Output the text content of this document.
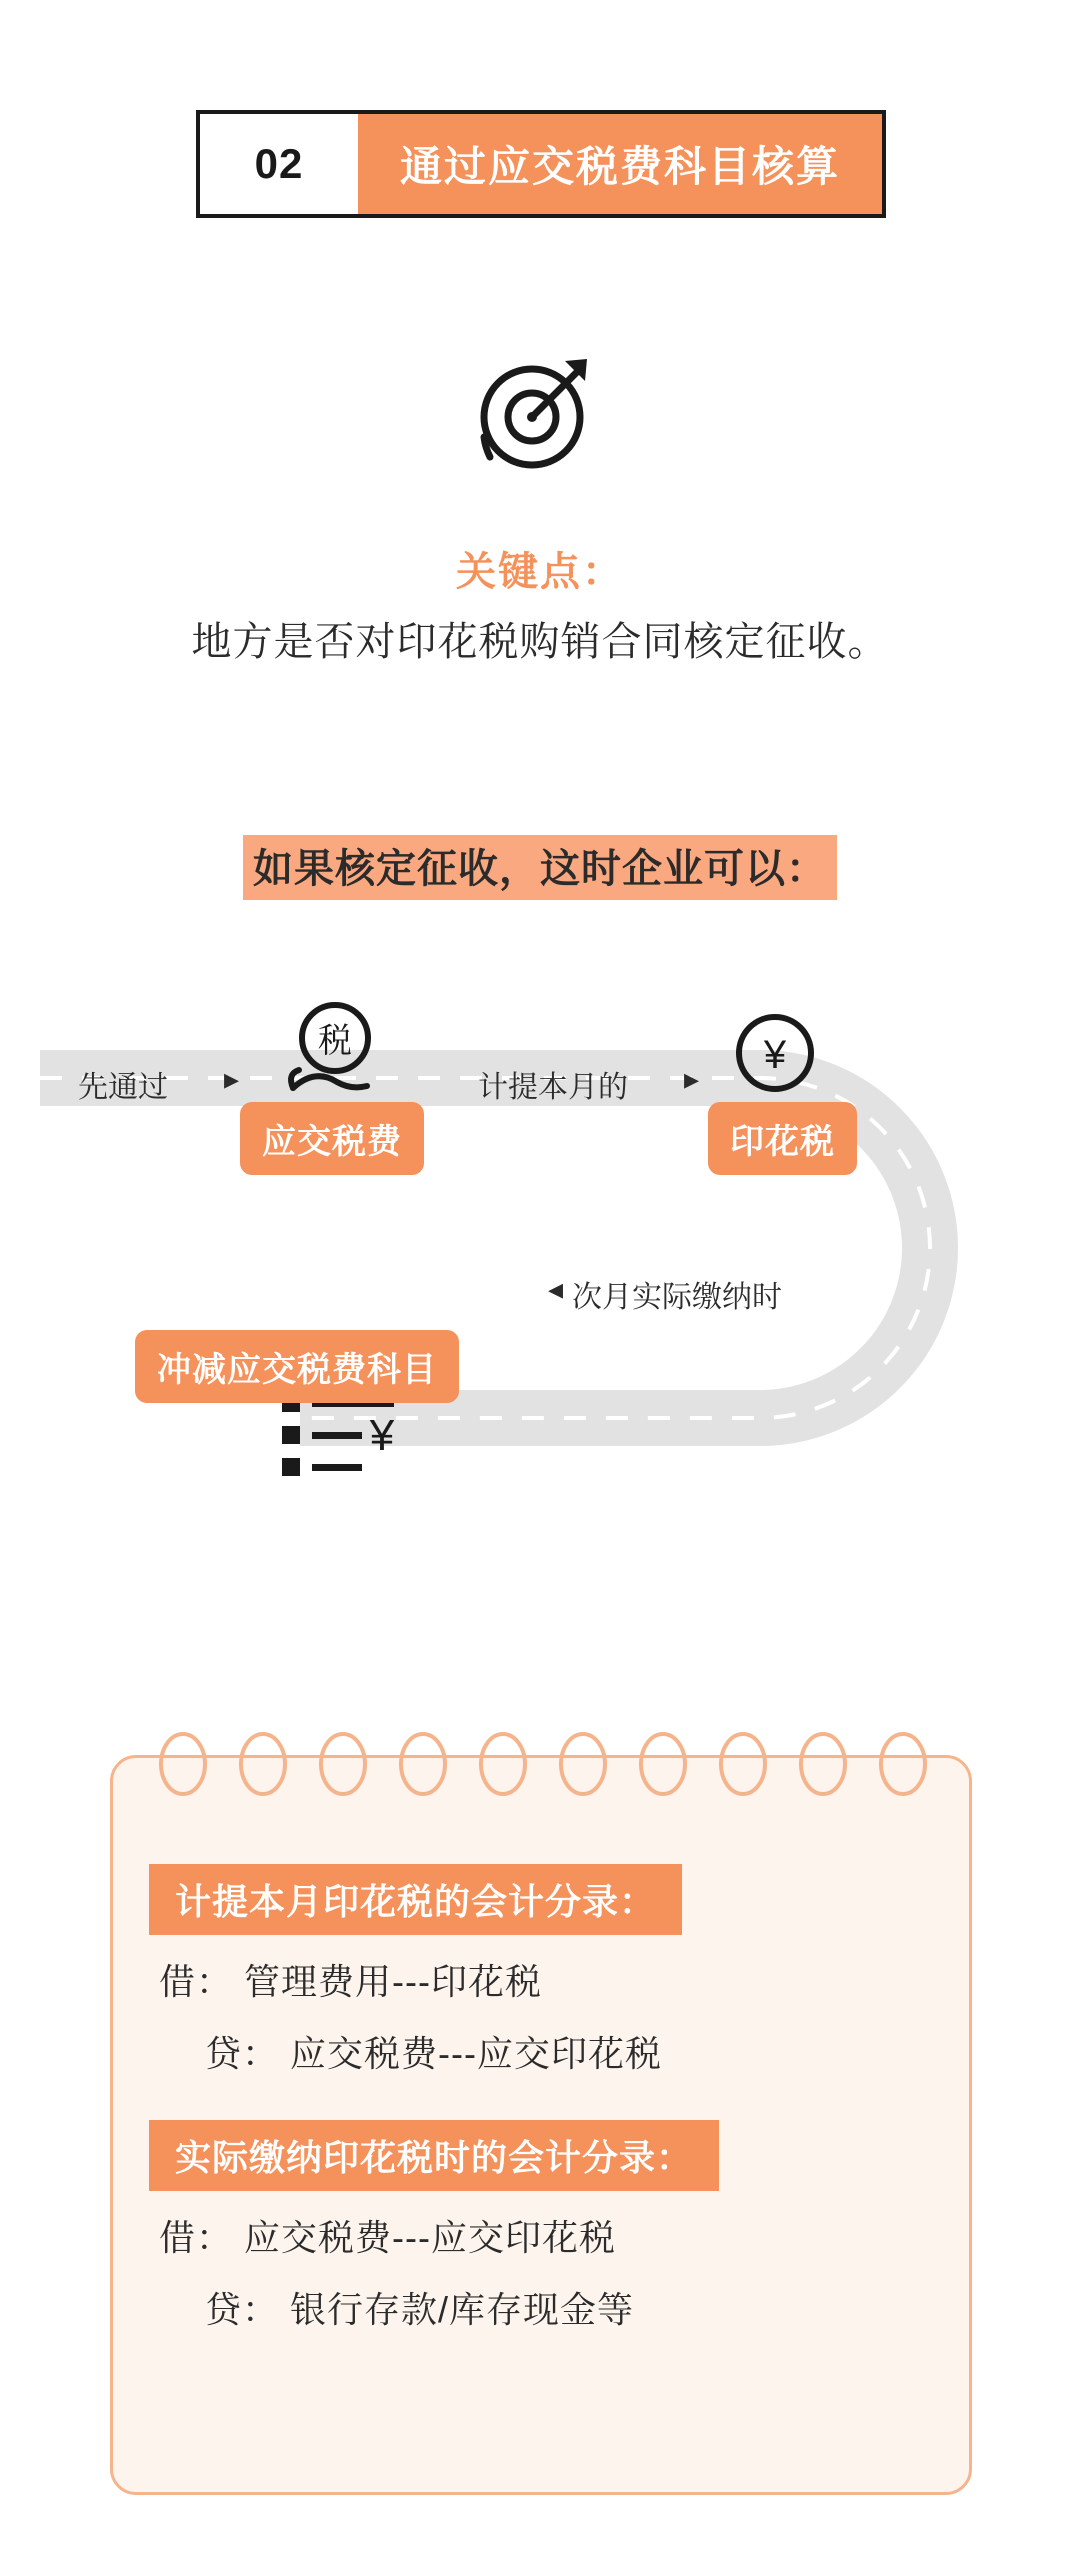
02	通过应交税费科目核算
关键点：
地方是否对印花税购销合同核定征收。
如果核定征收，这时企业可以：
税	¥
¥
先通过 ▸
应交税费
计提本月的 ▸
印花税
◂ 次月实际缴纳时
冲减应交税费科目
计提本月印花税的会计分录：
借： 管理费用---印花税
贷： 应交税费---应交印花税
实际缴纳印花税时的会计分录：
借： 应交税费---应交印花税
贷： 银行存款/库存现金等
